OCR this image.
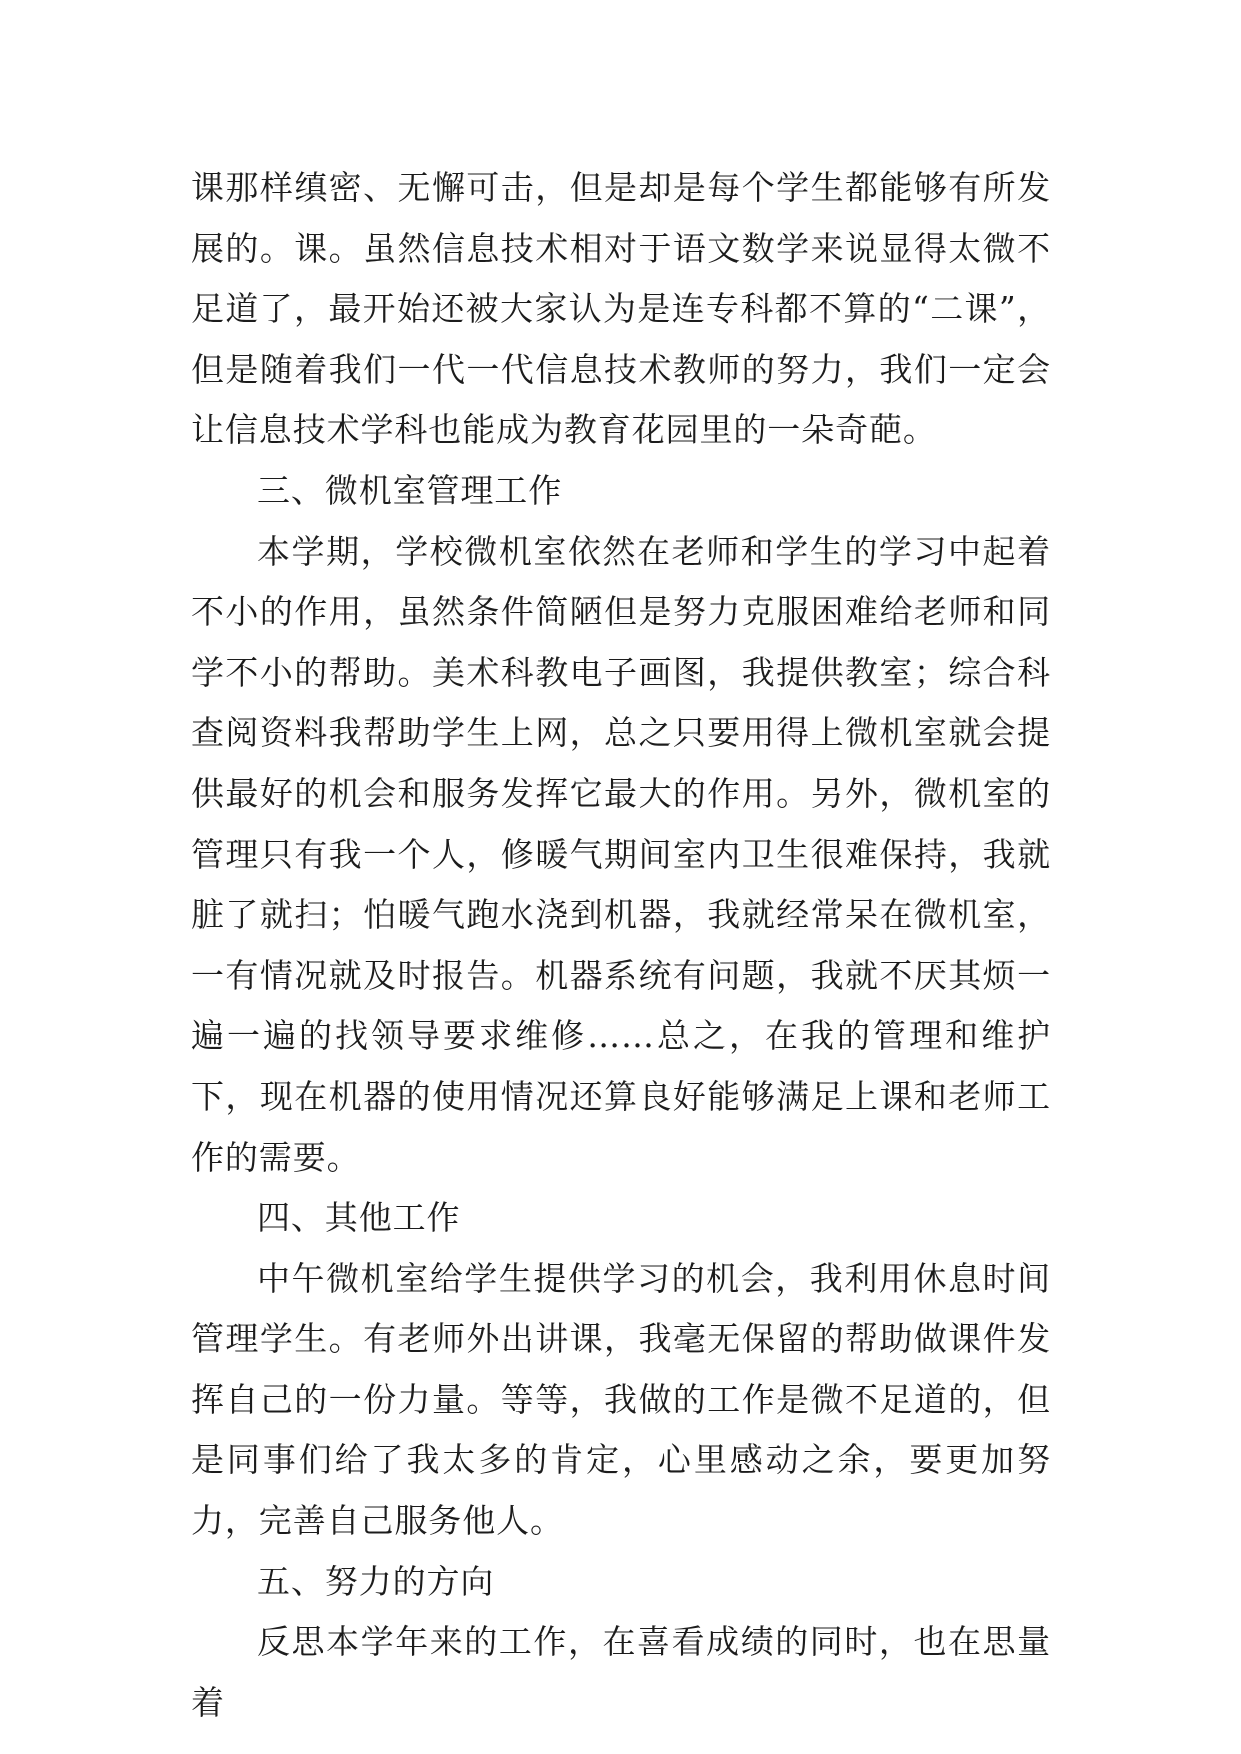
课那样缜密、无懈可击，但是却是每个学生都能够有所发展的。课。虽然信息技术相对于语文数学来说显得太微不足道了，最开始还被大家认为是连专科都不算的“二课”，但是随着我们一代一代信息技术教师的努力，我们一定会让信息技术学科也能成为教育花园里的一朵奇葩。

三、微机室管理工作

本学期，学校微机室依然在老师和学生的学习中起着不小的作用，虽然条件简陋但是努力克服困难给老师和同学不小的帮助。美术科教电子画图，我提供教室；综合科查阅资料我帮助学生上网，总之只要用得上微机室就会提供最好的机会和服务发挥它最大的作用。另外，微机室的管理只有我一个人，修暖气期间室内卫生很难保持，我就脏了就扫；怕暖气跑水浇到机器，我就经常呆在微机室，一有情况就及时报告。机器系统有问题，我就不厌其烦一遍一遍的找领导要求维修……总之，在我的管理和维护下，现在机器的使用情况还算良好能够满足上课和老师工作的需要。

四、其他工作

中午微机室给学生提供学习的机会，我利用休息时间管理学生。有老师外出讲课，我毫无保留的帮助做课件发挥自己的一份力量。等等，我做的工作是微不足道的，但是同事们给了我太多的肯定，心里感动之余，要更加努力，完善自己服务他人。

五、努力的方向

反思本学年来的工作，在喜看成绩的同时，也在思量着
